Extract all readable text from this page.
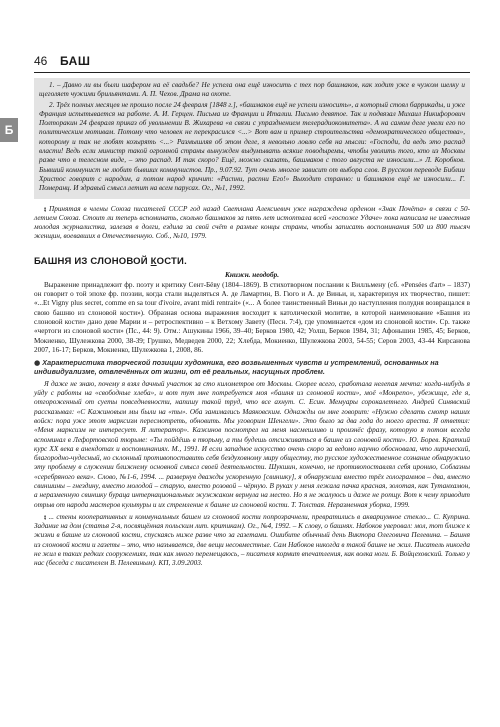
Б
46 БАШ

1. – Давно ли вы были шафером на её свадьбе? Не успела она ещё износить с тех пор башмаков, как ходит уже в чужом шелку и щеголяет чужими брильянтами. А. П. Чехов. Драма на охоте.

2. Трёх полных месяцев не прошло после 24 февраля [1848 г.], «башмаков ещё не успели износить», а который стоял баррикады, и уже Франция испытывается на работе. А. И. Герцен. Письма из Франции и Италии. Письмо девятое. Так и подвязал Михаил Никифорович Полторакин 24 февраля приказ об увольнении В. Жихарева «в связи с упразднением телерадиокомитета». А на самом деле увели его по политическим мотивам. Потому что человек не перекрасился <...> Вот вам и пример строительства «демократического общества», которому и так не любят козырять <...> Размышляя об этом деле, я невольно ловлю себя на мысли: «Господи, да ведь это распад власти! Ведь если министр такой огромной страны вынужден выдумывать всякие поводыремы, чтобы уволить того, кто из Москвы разве что в телесном виде, – это распад. И так скоро? Ещё, можно сказать, башмаков с того августа не износили...» Л. Коробков. Бывший коммунист не любит бывших коммунистов. Пр., 9.07.92. Тут очень многое зависит от выбора слов. В русском переводе Библии Христос говорит с народом, а потом народ кричит: «Распни, распни Его!» Выходит странно: и башмаков ещё не износили... Г. Померанц. И здравый смысл летит на всем парусах. Ог., №1, 1992.

⨟ Принятая в члены Союза писателей СССР год назад Светлана Алексиевич уже награждена орденом «Знак Почёта» в связи с 50-летием Союза. Стоит ли теперь вспоминать, сколько башмаков за пять лет истоптала всей «госпоже Удаче» пока написала не известная молодая журналистка, залезая в долги, ездила за свой счёт в разные концы страны, чтобы записать воспоминания 500 из 800 тысяч женщин, воевавших в Отечественную. Соб., №10, 1979.

БАШНЯ ИЗ СЛОНОВОЙ КОСТИ.
Книжн. неодобр.

Выражение принадлежит фр. поэту и критику Сент-Бёву (1804–1869). В стихотворном послании к Вилльмену (сб. «Pensées d'art» – 1837) он говорит о той эпохе фр. поэзии, когда стали выделяться А. де Ламартин, В. Гюго и А. де Виньи, и, характеризуя их творчество, пишет: «...Et Vigny plus secret, comme en sa tour d'ivoire, avant midi rentrait» («... А более таинственный Виньи до наступления полудня возвращался в свою башню из слоновой кости»). Образная основа выражения восходит к католической молитве, в которой наименование «Башня из слоновой кости» дано деве Марии и – ретроспективно – к Ветхому Завету (Песн. 7:4), где упоминается «дом из слоновой кости». Ср. также «чертоги из слоновой кости» (Пс., 44: 9). Отм.: Ашукины 1966, 39–40; Берков 1980, 42; Уолш, Берков 1984, 31; Афоньшин 1985, 45; Берков, Мокиенко, Шулежкова 2000, 38-39; Грушко, Медведев 2000, 22; Хлебда, Мокиенко, Шулежкова 2003, 54-55; Серов 2003, 43-44 Кирсанова 2007, 16-17; Берков, Мокиенко, Шулежкова 1, 2008, 86.

● Характеристика творческой позиции художника, его возвышенных чувств и устремлений, основанных на индивидуализме, отвлечённых от жизни, от её реальных, насущных проблем.

Я даже не знаю, почему я взял дачный участок за сто километров от Москвы. Скорее всего, сработала нелепая мечта: когда-нибудь я уйду с работы на «свободные хлеба», и вот тут мне потребуется моя «башня из слоновой кости», моё «Монрепо», убежище, где я, отгороженный от суеты повседневности, напишу такой труд, что все ахнут. С. Есин. Мемуары сорокалетнего. Андрей Синявский рассказывал: «С Кажиновым мы были на «ты». Оба занимались Маяковским. Однажды он мне говорит: «Нужно сделать смотр наших войск: пора уже этот марксизм пересмотреть, обновить. Мы уговорим Шенгели». Это было за два года до моего ареста. Я ответил: «Меня марксизм не интересует. Я литератор». Кажинов посмотрел на меня насмешливо и произнёс фразу, которую я потом всегда вспоминал в Лефортовской тюрьме: «Ты пойдёшь в тюрьму, а ты будешь отсиживаться в башне из слоновой кости». Ю. Борев. Краткий курс ХХ века в анекдотах и воспоминаниях. М., 1991. И если западное искусство очень скоро за ведомо научно обосновала, что лирический, благородно-чудесный, но склонный противопоставить себя бездуховному миру обществу, то русское художественное сознание обнаружило эту проблему в служении ближнему основной смысл своей деятельности. Шукшин, конечно, не противопоставлял себя иронию, Соблазны «серебряного века». Слово, №1-6, 1994. ... развернув дважды ускоренную [свиншку], я обнаружила вместо трёх голограммов – два, вместо свиншины – гнездину, вместо молодой – старую, вместо розовой – чёрную. В руках у меня лежала пачка красная, золотая, как Тутанхамон, а неразменную свиншку бураца интернациональных жужжаком вернула на место. Но я не жалуюсь и даже не ропщу. Вот к чему приводит отрыв от народа мастеров культуры и их стремление к башне из слоновой кости. Т. Толстая. Неразменная уборка, 1999.

⨟ ... стены кооперативных и коммунальных башен из слоновой кости попрозрачнели, превратились в аквариумное стекло... С. Куприна. Задание на дом (статья 2-я, посвящённая польским лит. критикам). Ог., №4, 1992. – К слову, о башнях. Набоков уверовал: мол, тот ближе к жизни в башне из слоновой кости, спускаясь ниже разве что за газетами. Ошибите обычный день Виктора Олеговича Пелевина. – Башня из слоновой кости и газеты – это, что называется, две вещи несовместные. Сам Набоков никогда в такой башне не жил. Писатель никогда не жил в таких редких сооружениях, так как много перемещаюсь, – писателя кормит впечатления, как волка ноги. Б. Войцеховский. Только у нас (беседа с писателем В. Пелевиным). КП, 3.09.2003.
